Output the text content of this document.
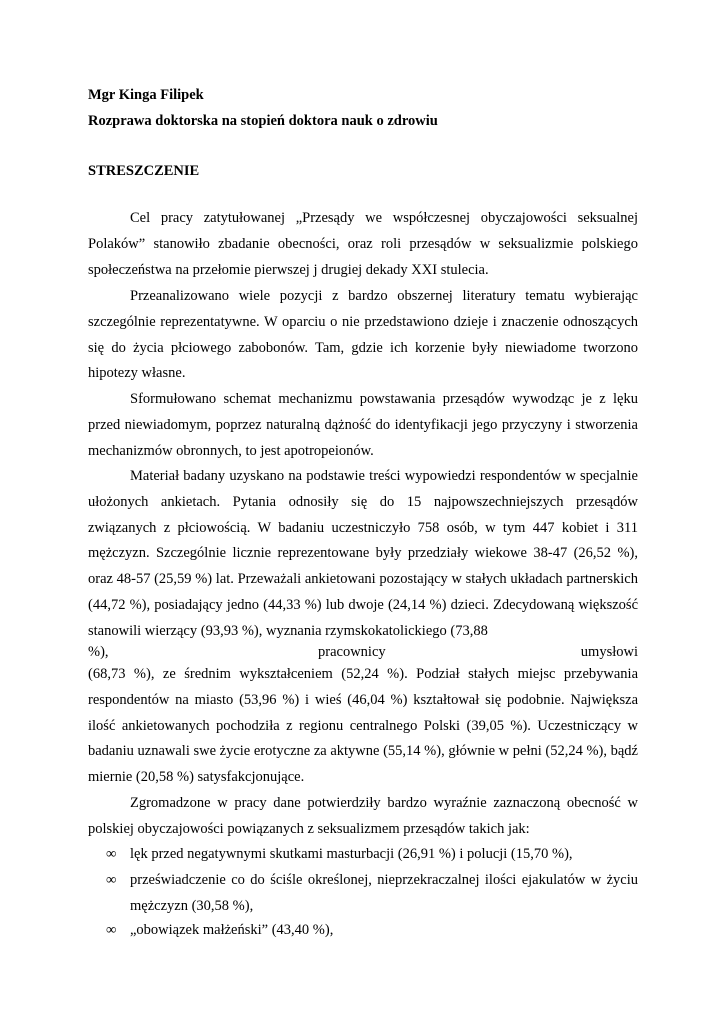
Mgr Kinga Filipek
Rozprawa doktorska na stopień doktora nauk o zdrowiu
STRESZCZENIE

Cel pracy zatytułowanej „Przesądy we współczesnej obyczajowości seksualnej Polaków” stanowiło zbadanie obecności, oraz roli przesądów w seksualizmie polskiego społeczeństwa na przełomie pierwszej j drugiej dekady XXI stulecia.

Przeanalizowano wiele pozycji z bardzo obszernej literatury tematu wybierając szczególnie reprezentatywne. W oparciu o nie przedstawiono dzieje i znaczenie odnoszących się do życia płciowego zabobonów. Tam, gdzie ich korzenie były niewiadome tworzono hipotezy własne.

Sformułowano schemat mechanizmu powstawania przesądów wywodząc je z lęku przed niewiadomym, poprzez naturalną dążność do identyfikacji jego przyczyny i stworzenia mechanizmów obronnych, to jest apotropeionów.

Materiał badany uzyskano na podstawie treści wypowiedzi respondentów w specjalnie ułożonych ankietach. Pytania odnosiły się do 15 najpowszechniejszych przesądów związanych z płciowością. W badaniu uczestniczyło 758 osób, w tym 447 kobiet i 311 mężczyzn. Szczególnie licznie reprezentowane były przedziały wiekowe 38-47 (26,52 %), oraz 48-57 (25,59 %) lat. Przeważali ankietowani pozostający w stałych układach partnerskich (44,72 %), posiadający jedno (44,33 %) lub dwoje (24,14 %) dzieci. Zdecydowaną większość stanowili wierzący (93,93 %), wyznania rzymskokatolickiego (73,88

%),	pracownicy	umysłowi

(68,73 %), ze średnim wykształceniem (52,24 %). Podział stałych miejsc przebywania respondentów na miasto (53,96 %) i wieś (46,04 %) kształtował się podobnie. Największa ilość ankietowanych pochodziła z regionu centralnego Polski (39,05 %). Uczestniczący w badaniu uznawali swe życie erotyczne za aktywne (55,14 %), głównie w pełni (52,24 %), bądź miernie (20,58 %) satysfakcjonujące.

Zgromadzone w pracy dane potwierdziły bardzo wyraźnie zaznaczoną obecność w polskiej obyczajowości powiązanych z seksualizmem przesądów takich jak:

∞ lęk przed negatywnymi skutkami masturbacji (26,91 %) i polucji (15,70 %),
∞ przeświadczenie co do ściśle określonej, nieprzekraczalnej ilości ejakulatów w życiu mężczyzn (30,58 %),
∞ „obowiązek małżeński” (43,40 %),
